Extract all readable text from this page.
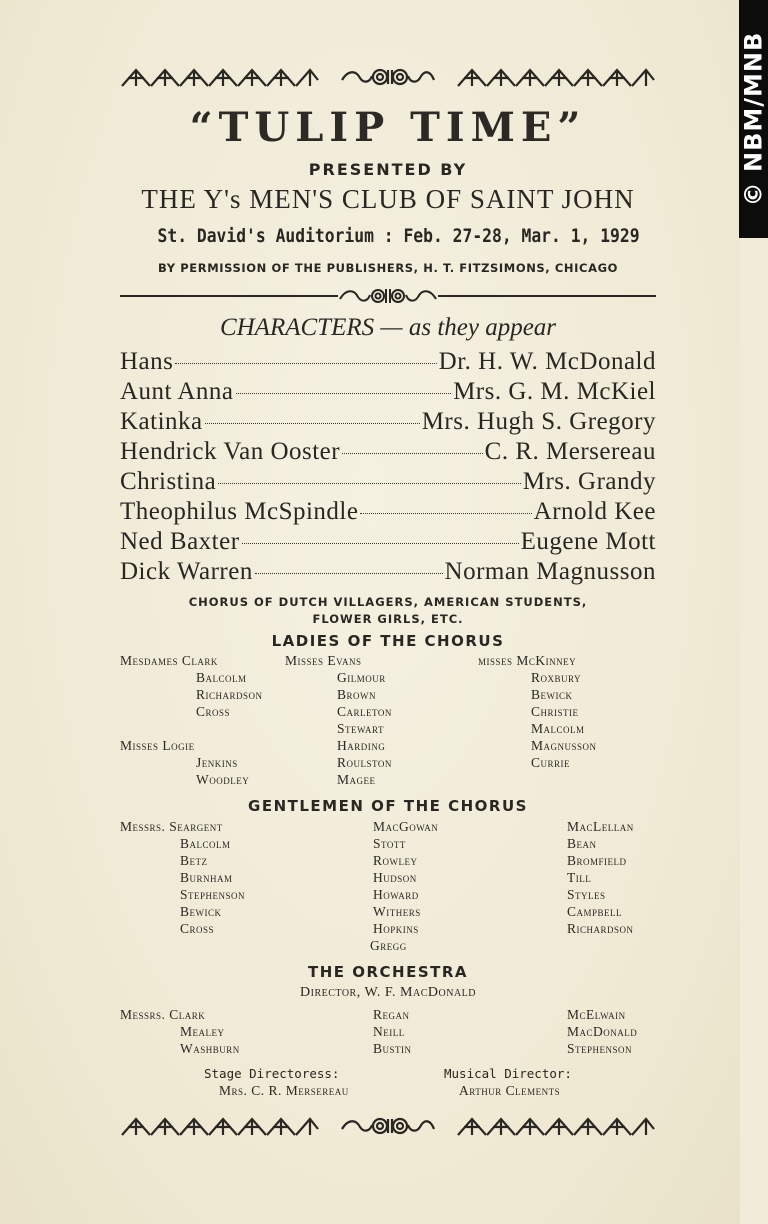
“TULIP TIME”
PRESENTED BY
THE Y's MEN'S CLUB OF SAINT JOHN
St. David's Auditorium : Feb. 27-28, Mar. 1, 1929
BY PERMISSION OF THE PUBLISHERS, H. T. FITZSIMONS, CHICAGO
CHARACTERS — as they appear
Hans	Dr. H. W. McDonald
Aunt Anna	Mrs. G. M. McKiel
Katinka	Mrs. Hugh S. Gregory
Hendrick Van Ooster	C. R. Mersereau
Christina	Mrs. Grandy
Theophilus McSpindle	Arnold Kee
Ned Baxter	Eugene Mott
Dick Warren	Norman Magnusson
CHORUS OF DUTCH VILLAGERS, AMERICAN STUDENTS,
FLOWER GIRLS, ETC.
LADIES OF THE CHORUS
Mesdames Clark
Balcolm
Richardson
Cross
Misses Logie
Jenkins
Woodley
Misses Evans
Gilmour
Brown
Carleton
Stewart
Harding
Roulston
Magee
misses McKinney
Roxbury
Bewick
Christie
Malcolm
Magnusson
Currie
GENTLEMEN OF THE CHORUS
Messrs. Seargent
Balcolm
Betz
Burnham
Stephenson
Bewick
Cross
MacGowan
Stott
Rowley
Hudson
Howard
Withers
Hopkins
Gregg
MacLellan
Bean
Bromfield
Till
Styles
Campbell
Richardson
THE ORCHESTRA
Director, W. F. MacDonald
Messrs. Clark
Mealey
Washburn
Regan
Neill
Bustin
McElwain
MacDonald
Stephenson
Stage Directoress:
Mrs. C. R. Mersereau
Musical Director:
Arthur Clements
© NBM/MNB
